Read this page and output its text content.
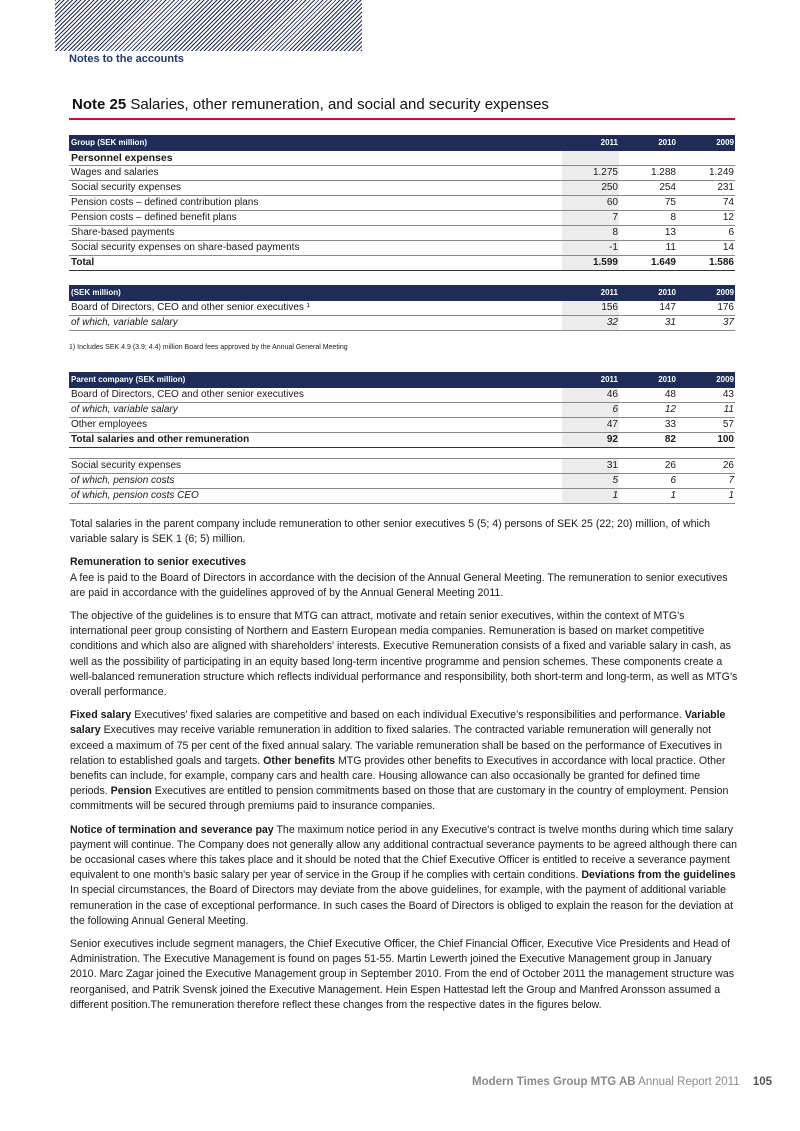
Notes to the accounts
Note 25 Salaries, other remuneration, and social and security expenses
Group (SEK million)	2011	2010	2009
Personnel expenses			
Wages and salaries	1.275	1.288	1.249
Social security expenses	250	254	231
Pension costs – defined contribution plans	60	75	74
Pension costs – defined benefit plans	7	8	12
Share-based payments	8	13	6
Social security expenses on share-based payments	-1	11	14
Total	1.599	1.649	1.586
(SEK million)	2011	2010	2009
Board of Directors, CEO and other senior executives ¹	156	147	176
of which, variable salary	32	31	37
1) Includes SEK 4.9 (3.9; 4.4) million Board fees approved by the Annual General Meeting
Parent company (SEK million)	2011	2010	2009
Board of Directors, CEO and other senior executives	46	48	43
of which, variable salary	6	12	11
Other employees	47	33	57
Total salaries and other remuneration	92	82	100

Social security expenses	31	26	26
of which, pension costs	5	6	7
of which, pension costs CEO	1	1	1

Total salaries in the parent company include remuneration to other senior executives 5 (5; 4) persons of SEK 25 (22; 20) million, of which variable salary is SEK 1 (6; 5) million.

Remuneration to senior executives

A fee is paid to the Board of Directors in accordance with the decision of the Annual General Meeting. The remuneration to senior executives are paid in accordance with the guidelines approved of by the Annual General Meeting 2011.

The objective of the guidelines is to ensure that MTG can attract, motivate and retain senior executives, within the context of MTG's international peer group consisting of Northern and Eastern European media companies. Remuneration is based on market competitive conditions and which also are aligned with shareholders' interests. Executive Remuneration consists of a fixed and variable salary in cash, as well as the possibility of participating in an equity based long-term incentive programme and pension schemes. These components create a well-balanced remuneration structure which reflects individual performance and responsibility, both short-term and long-term, as well as MTG’s overall performance.

Fixed salary Executives’ fixed salaries are competitive and based on each individual Executive’s responsibilities and performance. Variable salary Executives may receive variable remuneration in addition to fixed salaries. The contracted variable remuneration will generally not exceed a maximum of 75 per cent of the fixed annual salary. The variable remuneration shall be based on the performance of Executives in relation to established goals and targets. Other benefits MTG provides other benefits to Executives in accordance with local practice. Other benefits can include, for example, company cars and health care. Housing allowance can also occasionally be granted for defined time periods. Pension Executives are entitled to pension commitments based on those that are customary in the country of employment. Pension commitments will be secured through premiums paid to insurance companies.

Notice of termination and severance pay The maximum notice period in any Executive's contract is twelve months during which time salary payment will continue. The Company does not generally allow any additional contractual severance payments to be agreed although there can be occasional cases where this takes place and it should be noted that the Chief Executive Officer is entitled to receive a severance payment equivalent to one month's basic salary per year of service in the Group if he complies with certain conditions. Deviations from the guidelines In special circumstances, the Board of Directors may deviate from the above guidelines, for example, with the payment of additional variable remuneration in the case of exceptional performance. In such cases the Board of Directors is obliged to explain the reason for the deviation at the following Annual General Meeting.

Senior executives include segment managers, the Chief Executive Officer, the Chief Financial Officer, Executive Vice Presidents and Head of Administration. The Executive Management is found on pages 51-55. Martin Lewerth joined the Executive Management group in January 2010. Marc Zagar joined the Executive Management group in September 2010. From the end of October 2011 the management structure was reorganised, and Patrik Svensk joined the Executive Management. Hein Espen Hattestad left the Group and Manfred Aronsson assumed a different position.The remuneration therefore reflect these changes from the respective dates in the figures below.

Modern Times Group MTG AB Annual Report 2011 105
